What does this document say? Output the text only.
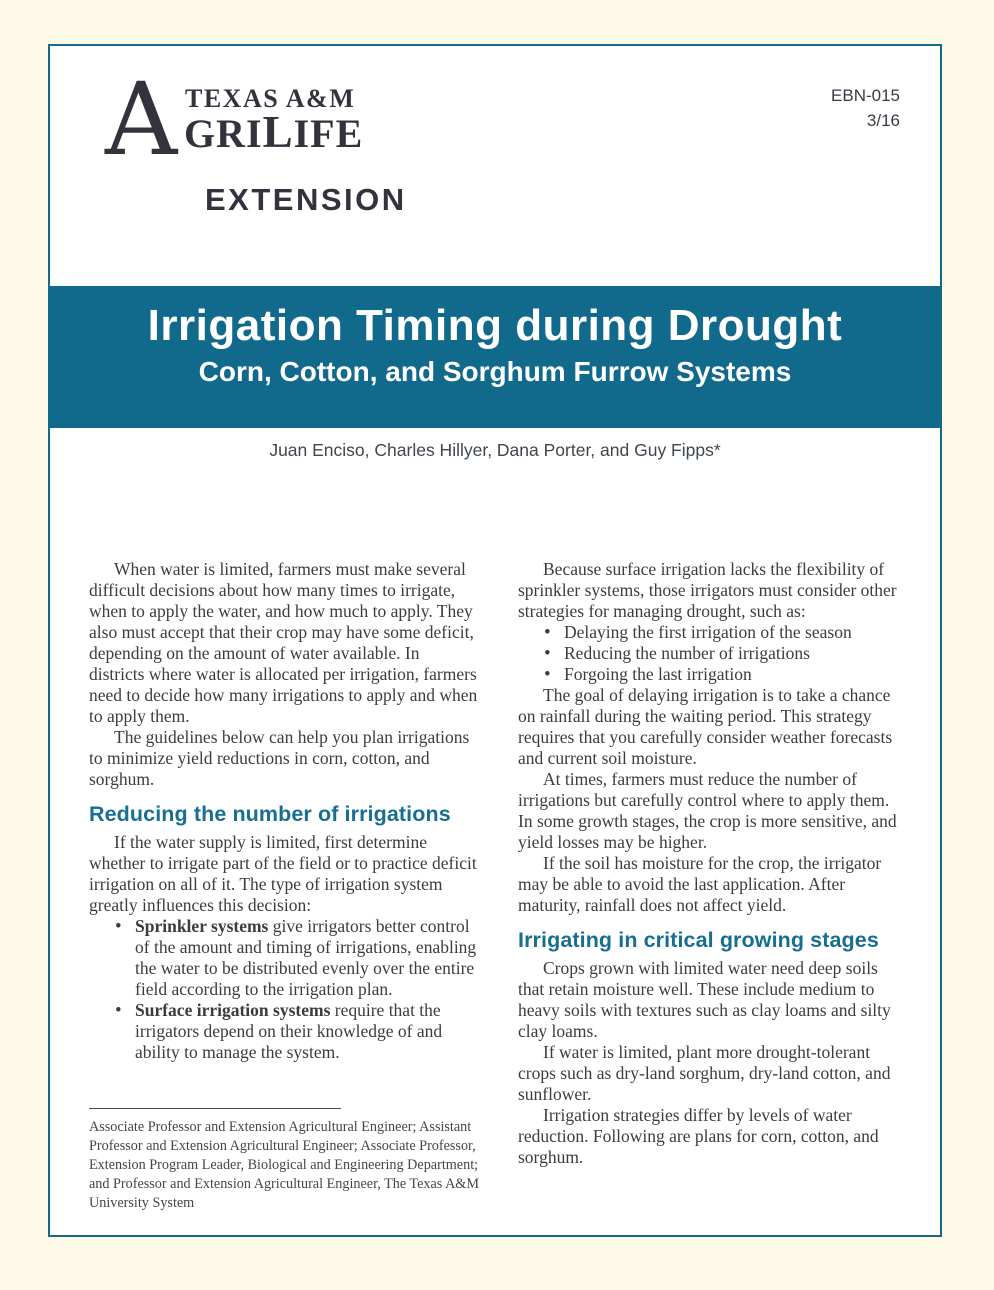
A TEXAS A&M
GRILIFE
EXTENSION
EBN-015
3/16
Irrigation Timing during Drought
Corn, Cotton, and Sorghum Furrow Systems
Juan Enciso, Charles Hillyer, Dana Porter, and Guy Fipps*

When water is limited, farmers must make several difficult decisions about how many times to irrigate, when to apply the water, and how much to apply. They also must accept that their crop may have some deficit, depending on the amount of water available. In districts where water is allocated per irrigation, farmers need to decide how many irrigations to apply and when to apply them.

The guidelines below can help you plan irrigations to minimize yield reductions in corn, cotton, and sorghum.

Reducing the number of irrigations

If the water supply is limited, first determine whether to irrigate part of the field or to practice deficit irrigation on all of it. The type of irrigation system greatly influences this decision:

• Sprinkler systems give irrigators better control of the amount and timing of irrigations, enabling the water to be distributed evenly over the entire field according to the irrigation plan.
• Surface irrigation systems require that the irrigators depend on their knowledge of and ability to manage the system.

Because surface irrigation lacks the flexibility of sprinkler systems, those irrigators must consider other strategies for managing drought, such as:

• Delaying the first irrigation of the season
• Reducing the number of irrigations
• Forgoing the last irrigation

The goal of delaying irrigation is to take a chance on rainfall during the waiting period. This strategy requires that you carefully consider weather forecasts and current soil moisture.

At times, farmers must reduce the number of irrigations but carefully control where to apply them. In some growth stages, the crop is more sensitive, and yield losses may be higher.

If the soil has moisture for the crop, the irrigator may be able to avoid the last application. After maturity, rainfall does not affect yield.

Irrigating in critical growing stages

Crops grown with limited water need deep soils that retain moisture well. These include medium to heavy soils with textures such as clay loams and silty clay loams.

If water is limited, plant more drought-tolerant crops such as dry-land sorghum, dry-land cotton, and sunflower.

Irrigation strategies differ by levels of water reduction. Following are plans for corn, cotton, and sorghum.

Associate Professor and Extension Agricultural Engineer; Assistant Professor and Extension Agricultural Engineer; Associate Professor, Extension Program Leader, Biological and Engineering Department; and Professor and Extension Agricultural Engineer, The Texas A&M University System
